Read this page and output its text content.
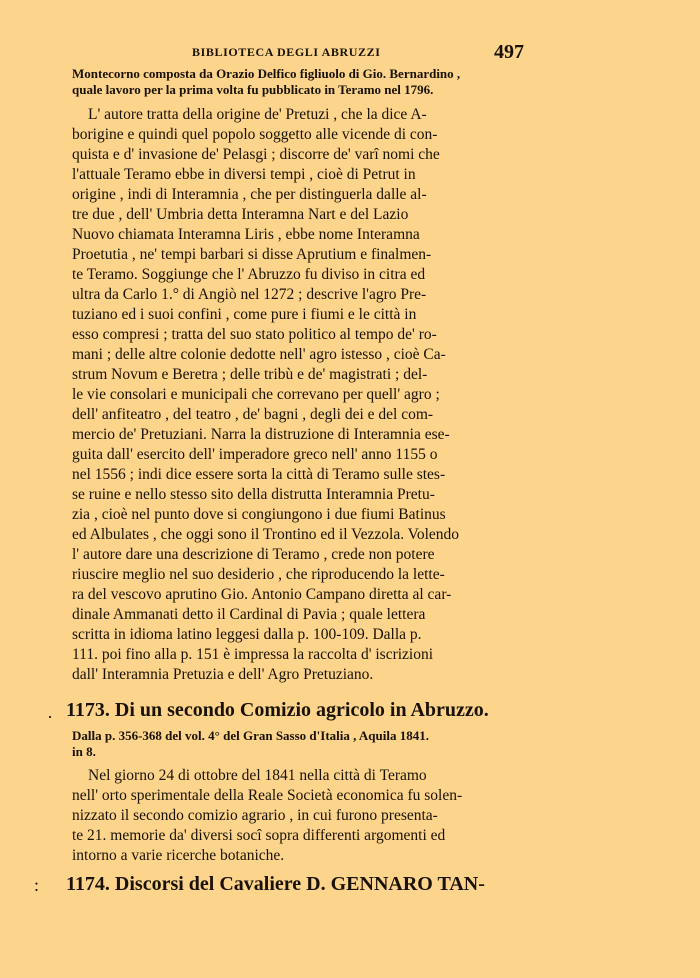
BIBLIOTECA DEGLI ABRUZZI	497
Montecorno composta da Orazio Delfico figliuolo di Gio. Bernardino ,
quale lavoro per la prima volta fu pubblicato in Teramo nel 1796.
L' autore tratta della origine de' Pretuzi , che la dice A-
borigine e quindi quel popolo soggetto alle vicende di con-
quista e d' invasione de' Pelasgi ; discorre de' varî nomi che
l'attuale Teramo ebbe in diversi tempi , cioè di Petrut in
origine , indi di Interamnia , che per distinguerla dalle al-
tre due , dell' Umbria detta Interamna Nart e del Lazio
Nuovo chiamata Interamna Liris , ebbe nome Interamna
Proetutia , ne' tempi barbari si disse Aprutium e finalmen-
te Teramo. Soggiunge che l' Abruzzo fu diviso in citra ed
ultra da Carlo 1.° di Angiò nel 1272 ; descrive l'agro Pre-
tuziano ed i suoi confini , come pure i fiumi e le città in
esso compresi ; tratta del suo stato politico al tempo de' ro-
mani ; delle altre colonie dedotte nell' agro istesso , cioè Ca-
strum Novum e Beretra ; delle tribù e de' magistrati ; del-
le vie consolari e municipali che correvano per quell' agro ;
dell' anfiteatro , del teatro , de' bagni , degli dei e del com-
mercio de' Pretuziani. Narra la distruzione di Interamnia ese-
guita dall' esercito dell' imperadore greco nell' anno 1155 o
nel 1556 ; indi dice essere sorta la città di Teramo sulle stes-
se ruine e nello stesso sito della distrutta Interamnia Pretu-
zia , cioè nel punto dove si congiungono i due fiumi Batinus
ed Albulates , che oggi sono il Trontino ed il Vezzola. Volendo
l' autore dare una descrizione di Teramo , crede non potere
riuscire meglio nel suo desiderio , che riproducendo la lette-
ra del vescovo aprutino Gio. Antonio Campano diretta al car-
dinale Ammanati detto il Cardinal di Pavia ; quale lettera
scritta in idioma latino leggesi dalla p. 100-109. Dalla p.
111. poi fino alla p. 151 è impressa la raccolta d' iscrizioni
dall' Interamnia Pretuzia e dell' Agro Pretuziano.
· 1173. Di un secondo Comizio agricolo in Abruzzo.
Dalla p. 356-368 del vol. 4° del Gran Sasso d'Italia , Aquila 1841.
in 8.
Nel giorno 24 di ottobre del 1841 nella città di Teramo
nell' orto sperimentale della Reale Società economica fu solen-
nizzato il secondo comizio agrario , in cui furono presenta-
te 21. memorie da' diversi socî sopra differenti argomenti ed
intorno a varie ricerche botaniche.
: 1174. Discorsi del Cavaliere D. GENNARO TAN-
